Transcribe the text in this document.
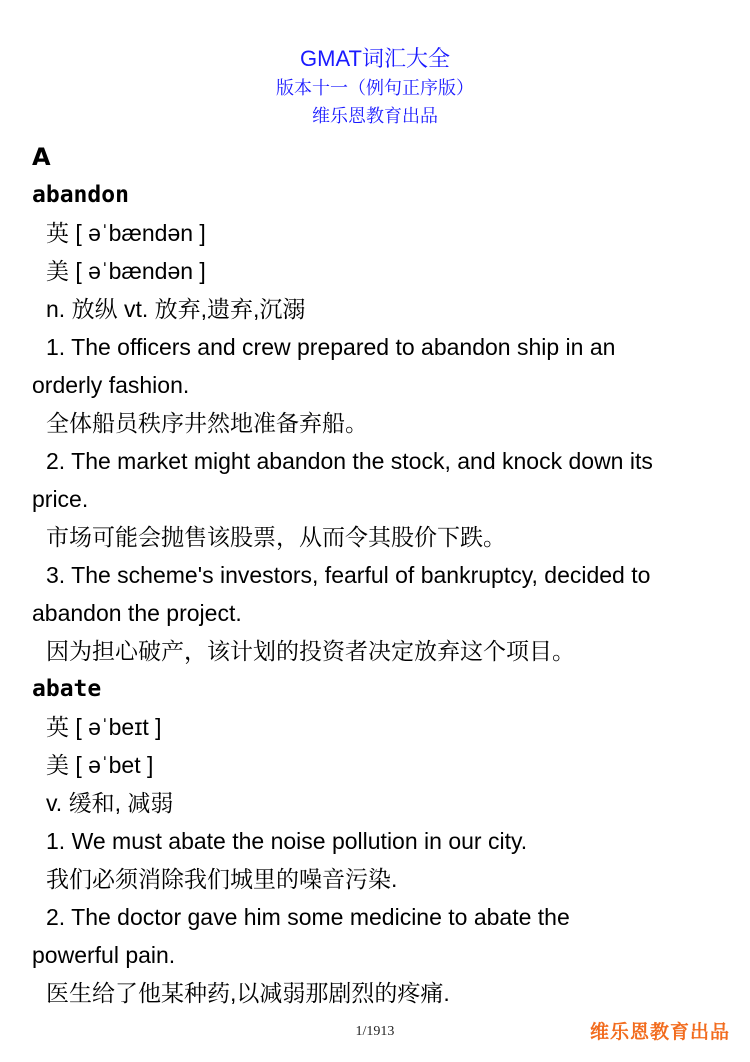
GMAT词汇大全
版本十一（例句正序版）
维乐恩教育出品
A
abandon
英 [ əˈbændən ]
美 [ əˈbændən ]
n. 放纵 vt. 放弃,遗弃,沉溺
1. The officers and crew prepared to abandon ship in an
orderly fashion.
全体船员秩序井然地准备弃船。
2. The market might abandon the stock, and knock down its
price.
市场可能会抛售该股票，从而令其股价下跌。
3. The scheme's investors, fearful of bankruptcy, decided to
abandon the project.
因为担心破产，该计划的投资者决定放弃这个项目。
abate
英 [ əˈbeɪt ]
美 [ əˈbet ]
v. 缓和, 减弱
1. We must abate the noise pollution in our city.
我们必须消除我们城里的噪音污染.
2. The doctor gave him some medicine to abate the
powerful pain.
医生给了他某种药,以减弱那剧烈的疼痛.
1/1913	维乐恩教育出品
